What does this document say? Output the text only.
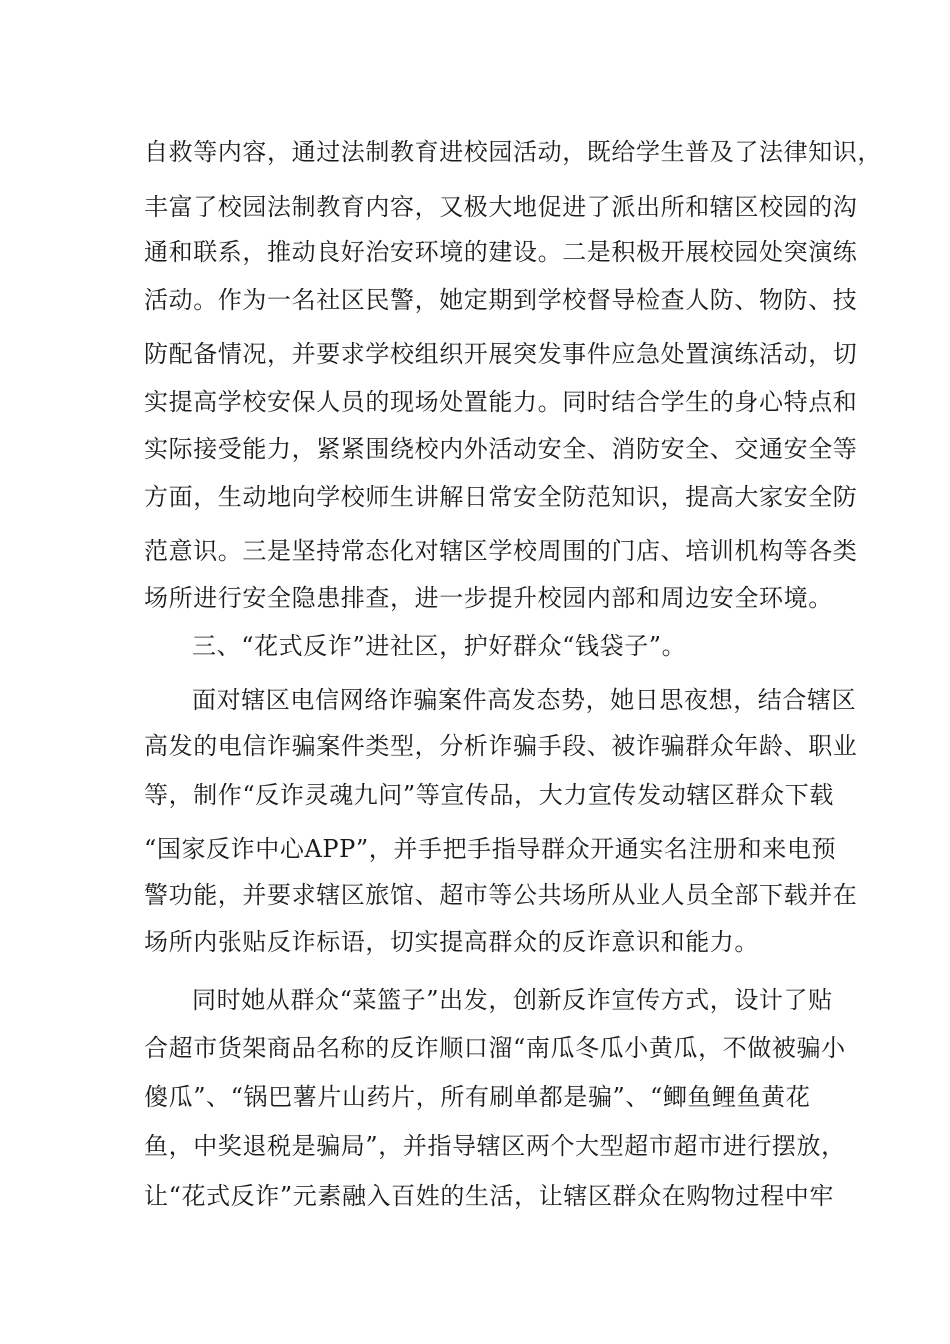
自救等内容，通过法制教育进校园活动，既给学生普及了法律知识，
丰富了校园法制教育内容，又极大地促进了派出所和辖区校园的沟
通和联系，推动良好治安环境的建设。二是积极开展校园处突演练
活动。作为一名社区民警，她定期到学校督导检查人防、物防、技
防配备情况，并要求学校组织开展突发事件应急处置演练活动，切
实提高学校安保人员的现场处置能力。同时结合学生的身心特点和
实际接受能力，紧紧围绕校内外活动安全、消防安全、交通安全等
方面，生动地向学校师生讲解日常安全防范知识，提高大家安全防
范意识。三是坚持常态化对辖区学校周围的门店、培训机构等各类
场所进行安全隐患排查，进一步提升校园内部和周边安全环境。
三、“花式反诈”进社区，护好群众“钱袋子”。
面对辖区电信网络诈骗案件高发态势，她日思夜想，结合辖区
高发的电信诈骗案件类型，分析诈骗手段、被诈骗群众年龄、职业
等，制作“反诈灵魂九问”等宣传品，大力宣传发动辖区群众下载
“国家反诈中心APP”，并手把手指导群众开通实名注册和来电预
警功能，并要求辖区旅馆、超市等公共场所从业人员全部下载并在
场所内张贴反诈标语，切实提高群众的反诈意识和能力。
同时她从群众“菜篮子”出发，创新反诈宣传方式，设计了贴
合超市货架商品名称的反诈顺口溜“南瓜冬瓜小黄瓜，不做被骗小
傻瓜”、“锅巴薯片山药片，所有刷单都是骗”、“鲫鱼鲤鱼黄花
鱼，中奖退税是骗局”，并指导辖区两个大型超市超市进行摆放，
让“花式反诈”元素融入百姓的生活，让辖区群众在购物过程中牢
